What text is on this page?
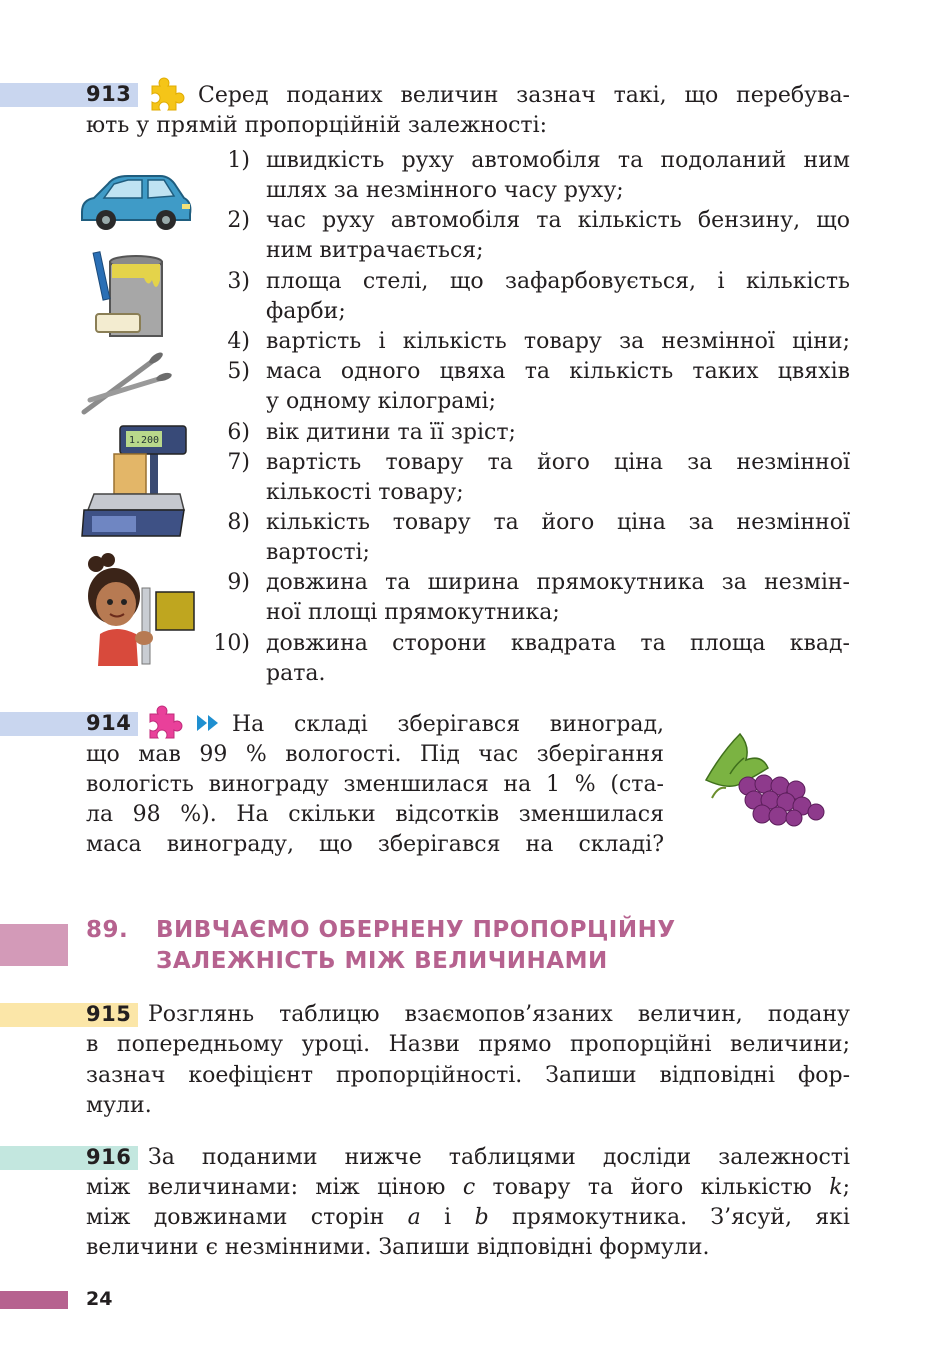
913	Серед поданих величин зазнач такі, що перебува-
ють у прямій пропорційній залежності:
1) швидкість руху автомобіля та подоланий ним
шлях за незмінного часу руху;
2) час руху автомобіля та кількість бензину, що
ним витрачається;
3) площа стелі, що зафарбовується, і кількість
фарби;
4) вартість і кількість товару за незмінної ціни;
5) маса одного цвяха та кількість таких цвяхів
у одному кілограмі;
6) вік дитини та її зріст;
7) вартість товару та його ціна за незмінної
кількості товару;
8) кількість товару та його ціна за незмінної
вартості;
9) довжина та ширина прямокутника за незмін-
ної площі прямокутника;
10) довжина сторони квадрата та площа квад-
рата.
1.200
914	На складі зберігався виноград,
що мав 99 % вологості. Під час зберігання
вологість винограду зменшилася на 1 % (ста-
ла 98 %). На скільки відсотків зменшилася
маса винограду, що зберігався на складі?
89. ВИВЧАЄМО ОБЕРНЕНУ ПРОПОРЦІЙНУ
ЗАЛЕЖНІСТЬ МІЖ ВЕЛИЧИНАМИ
915 Розглянь таблицю взаємопов’язаних величин, подану
в попередньому уроці. Назви прямо пропорційні величини;
зазнач коефіцієнт пропорційності. Запиши відповідні фор-
мули.
916 За поданими нижче таблицями досліди залежності
між величинами: між ціною c товару та його кількістю k;
між довжинами сторін a і b прямокутника. З’ясуй, які
величини є незмінними. Запиши відповідні формули.
24
